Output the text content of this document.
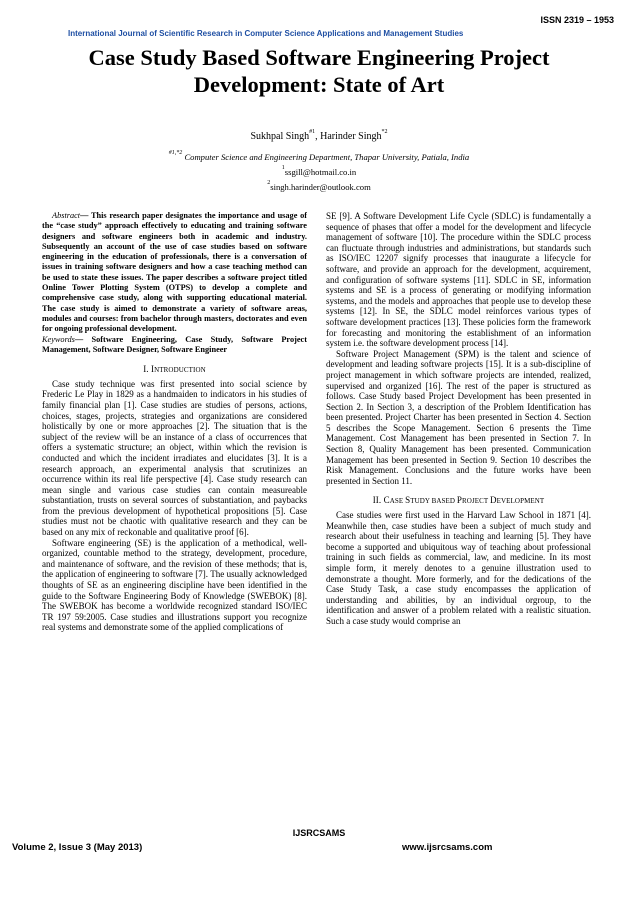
ISSN 2319 – 1953
International Journal of Scientific Research in Computer Science Applications and Management Studies
Case Study Based Software Engineering Project
Development: State of Art
Sukhpal Singh$^{\#1}$, Harinder Singh$^{*2}$
$^{\#1,*2}$ Computer Science and Engineering Department, Thapar University, Patiala, India
$^1$ssgill@hotmail.co.in
$^2$singh.harinder@outlook.com

Abstract— This research paper designates the importance and usage of the “case study” approach effectively to educating and training software designers and software engineers both in academic and industry. Subsequently an account of the use of case studies based on software engineering in the education of professionals, there is a conversation of issues in training software designers and how a case teaching method can be used to state these issues. The paper describes a software project titled Online Tower Plotting System (OTPS) to develop a complete and comprehensive case study, along with supporting educational material. The case study is aimed to demonstrate a variety of software areas, modules and courses: from bachelor through masters, doctorates and even for ongoing professional development.

Keywords— Software Engineering, Case Study, Software Project Management, Software Designer, Software Engineer

I. INTRODUCTION

Case study technique was first presented into social science by Frederic Le Play in 1829 as a handmaiden to indicators in his studies of family financial plan [1]. Case studies are studies of persons, actions, choices, stages, projects, strategies and organizations are considered holistically by one or more approaches [2]. The situation that is the subject of the review will be an instance of a class of occurrences that offers a systematic structure; an object, within which the revision is conducted and which the incident irradiates and elucidates [3]. It is a research approach, an experimental analysis that scrutinizes an occurrence within its real life perspective [4]. Case study research can mean single and various case studies can contain measureable substantiation, trusts on several sources of substantiation, and paybacks from the previous development of hypothetical propositions [5]. Case studies must not be chaotic with qualitative research and they can be based on any mix of reckonable and qualitative proof [6].

Software engineering (SE) is the application of a methodical, well-organized, countable method to the strategy, development, procedure, and maintenance of software, and the revision of these methods; that is, the application of engineering to software [7]. The usually acknowledged thoughts of SE as an engineering discipline have been identified in the guide to the Software Engineering Body of Knowledge (SWEBOK) [8]. The SWEBOK has become a worldwide recognized standard ISO/IEC TR 197 59:2005. Case studies and illustrations support you recognize real systems and demonstrate some of the applied complications of

SE [9]. A Software Development Life Cycle (SDLC) is fundamentally a sequence of phases that offer a model for the development and lifecycle management of software [10]. The procedure within the SDLC process can fluctuate through industries and administrations, but standards such as ISO/IEC 12207 signify processes that inaugurate a lifecycle for software, and provide an approach for the development, acquirement, and configuration of software systems [11]. SDLC in SE, information systems and SE is a process of generating or modifying information systems, and the models and approaches that people use to develop these systems [12]. In SE, the SDLC model reinforces various types of software development practices [13]. These policies form the framework for forecasting and monitoring the establishment of an information system i.e. the software development process [14].

Software Project Management (SPM) is the talent and science of development and leading software projects [15]. It is a sub-discipline of project management in which software projects are intended, realized, supervised and organized [16]. The rest of the paper is structured as follows. Case Study based Project Development has been presented in Section 2. In Section 3, a description of the Problem Identification has been presented. Project Charter has been presented in Section 4. Section 5 describes the Scope Management. Section 6 presents the Time Management. Cost Management has been presented in Section 7. In Section 8, Quality Management has been presented. Communication Management has been presented in Section 9. Section 10 describes the Risk Management. Conclusions and the future works have been presented in Section 11.

II. CASE STUDY BASED PROJECT DEVELOPMENT

Case studies were first used in the Harvard Law School in 1871 [4]. Meanwhile then, case studies have been a subject of much study and research about their usefulness in teaching and learning [5]. They have become a supported and ubiquitous way of teaching about professional training in such fields as commercial, law, and medicine. In its most simple form, it merely denotes to a genuine illustration used to demonstrate a thought. More formerly, and for the dedications of the Case Study Task, a case study encompasses the application of understanding and abilities, by an individual orgroup, to the identification and answer of a problem related with a realistic situation. Such a case study would comprise an

IJSRCSAMS
Volume 2, Issue 3 (May 2013)	www.ijsrcsams.com
